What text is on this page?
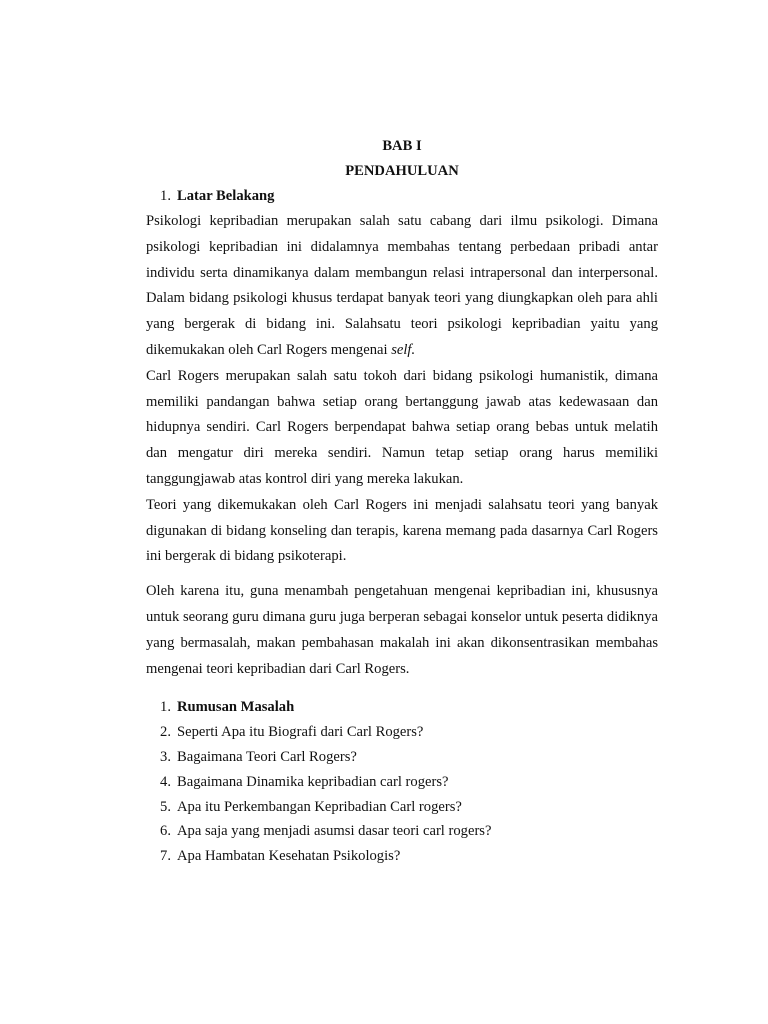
BAB I
PENDAHULUAN
1. Latar Belakang

Psikologi kepribadian merupakan salah satu cabang dari ilmu psikologi. Dimana psikologi kepribadian ini didalamnya membahas tentang perbedaan pribadi antar individu serta dinamikanya dalam membangun relasi intrapersonal dan interpersonal. Dalam bidang psikologi khusus terdapat banyak teori yang diungkapkan oleh para ahli yang bergerak di bidang ini. Salahsatu teori psikologi kepribadian yaitu yang dikemukakan oleh Carl Rogers mengenai self.

Carl Rogers merupakan salah satu tokoh dari bidang psikologi humanistik, dimana memiliki pandangan bahwa setiap orang bertanggung jawab atas kedewasaan dan hidupnya sendiri. Carl Rogers berpendapat bahwa setiap orang bebas untuk melatih dan mengatur diri mereka sendiri. Namun tetap setiap orang harus memiliki tanggungjawab atas kontrol diri yang mereka lakukan.

Teori yang dikemukakan oleh Carl Rogers ini menjadi salahsatu teori yang banyak digunakan di bidang konseling dan terapis, karena memang pada dasarnya Carl Rogers ini bergerak di bidang psikoterapi.

Oleh karena itu, guna menambah pengetahuan mengenai kepribadian ini, khususnya untuk seorang guru dimana guru juga berperan sebagai konselor untuk peserta didiknya yang bermasalah, makan pembahasan makalah ini akan dikonsentrasikan membahas mengenai teori kepribadian dari Carl Rogers.

1. Rumusan Masalah
2. Seperti Apa itu Biografi dari Carl Rogers?
3. Bagaimana Teori Carl Rogers?
4. Bagaimana Dinamika kepribadian carl rogers?
5. Apa itu Perkembangan Kepribadian Carl rogers?
6. Apa saja yang menjadi asumsi dasar teori carl rogers?
7. Apa Hambatan Kesehatan Psikologis?
